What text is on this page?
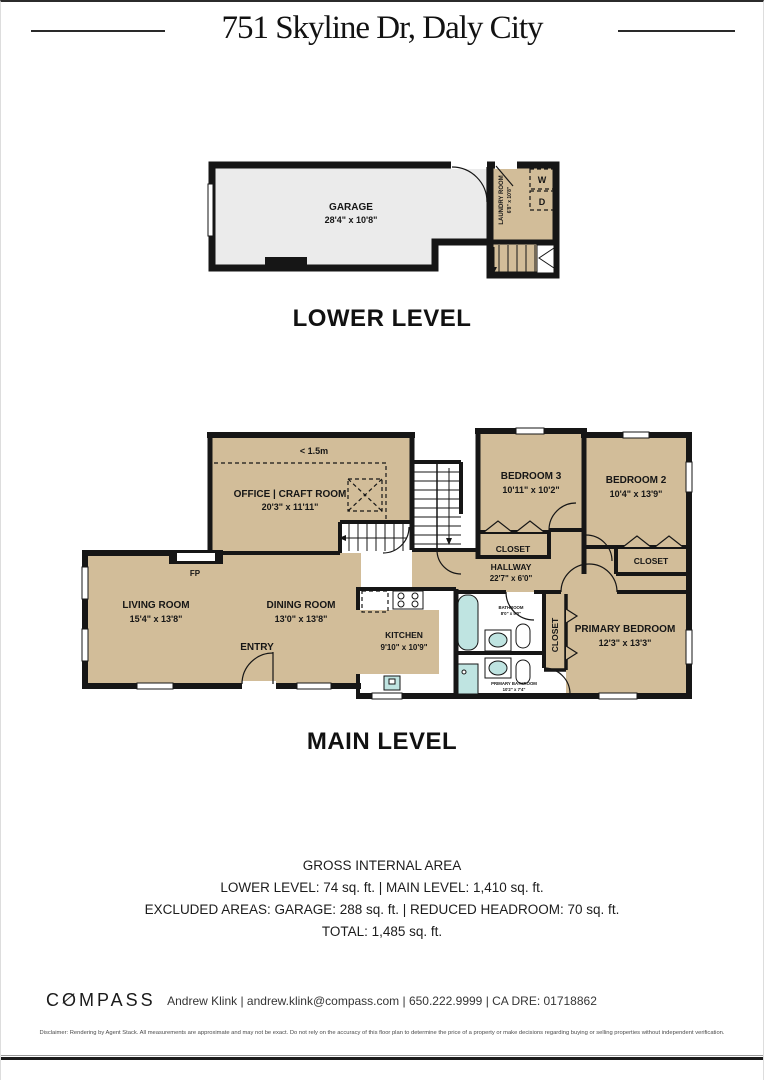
751 Skyline Dr, Daly City
GARAGE
28'4" x 10'8"	LAUNDRY ROOM 6'8" x 10'8"
W
D
LOWER LEVEL
< 1.5m
OFFICE | CRAFT ROOM
20'3" x 11'11"
BEDROOM 3
10'11" x 10'2"
BEDROOM 2
10'4" x 13'9"
CLOSET
CLOSET
HALLWAY
22'7" x 6'0"
LIVING ROOM
15'4" x 13'8"
DINING ROOM
13'0" x 13'8"
FP
ENTRY
KITCHEN
9'10" x 10'9"
BATHROOM
8'0" x 5'0"
CLOSET PRIMARY BEDROOM
12'3" x 13'3"
PRIMARY BATHROOM
10'2" x 7'4"
MAIN LEVEL
GROSS INTERNAL AREA
LOWER LEVEL: 74 sq. ft. | MAIN LEVEL: 1,410 sq. ft.
EXCLUDED AREAS: GARAGE: 288 sq. ft. | REDUCED HEADROOM: 70 sq. ft.
TOTAL: 1,485 sq. ft.
COMPASS Andrew Klink | andrew.klink@compass.com | 650.222.9999 | CA DRE: 01718862
Disclaimer: Rendering by Agent Stack. All measurements are approximate and may not be exact. Do not rely on the accuracy of this floor plan to determine the price of a property or make decisions regarding buying or selling properties without independent verification.
